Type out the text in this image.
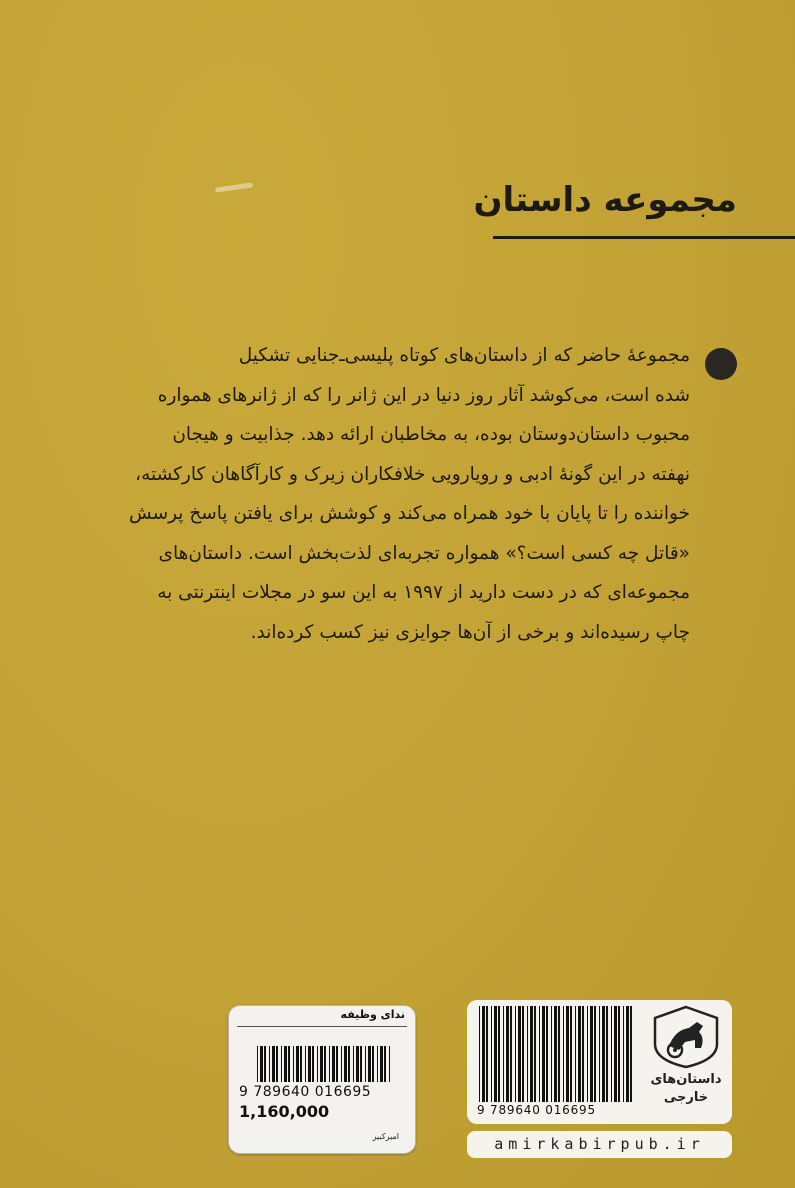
مجموعه داستان
مجموعهٔ حاضر که از داستان‌های کوتاه پلیسی‌ـ‌جنایی تشکیل
شده است، می‌کوشد آثار روز دنیا در این ژانر را که از ژانرهای همواره
محبوب داستان‌دوستان بوده، به مخاطبان ارائه دهد. جذابیت و هیجان
نهفته در این گونهٔ ادبی و رویارویی خلافکاران زیرک و کارآگاهان کارکشته،
خواننده را تا پایان با خود همراه می‌کند و کوشش برای یافتن پاسخ پرسش
«قاتل چه کسی است؟» همواره تجربه‌ای لذت‌بخش است. داستان‌های
مجموعه‌ای که در دست دارید از ۱۹۹۷ به این سو در مجلات اینترنتی به
چاپ رسیده‌اند و برخی از آن‌ها جوایزی نیز کسب کرده‌اند.
ندای وظیفه
9 789640 016695
1,160,000
امیرکبیر
9 789640 016695
داستان‌های
خارجی
amirkabirpub.ir
